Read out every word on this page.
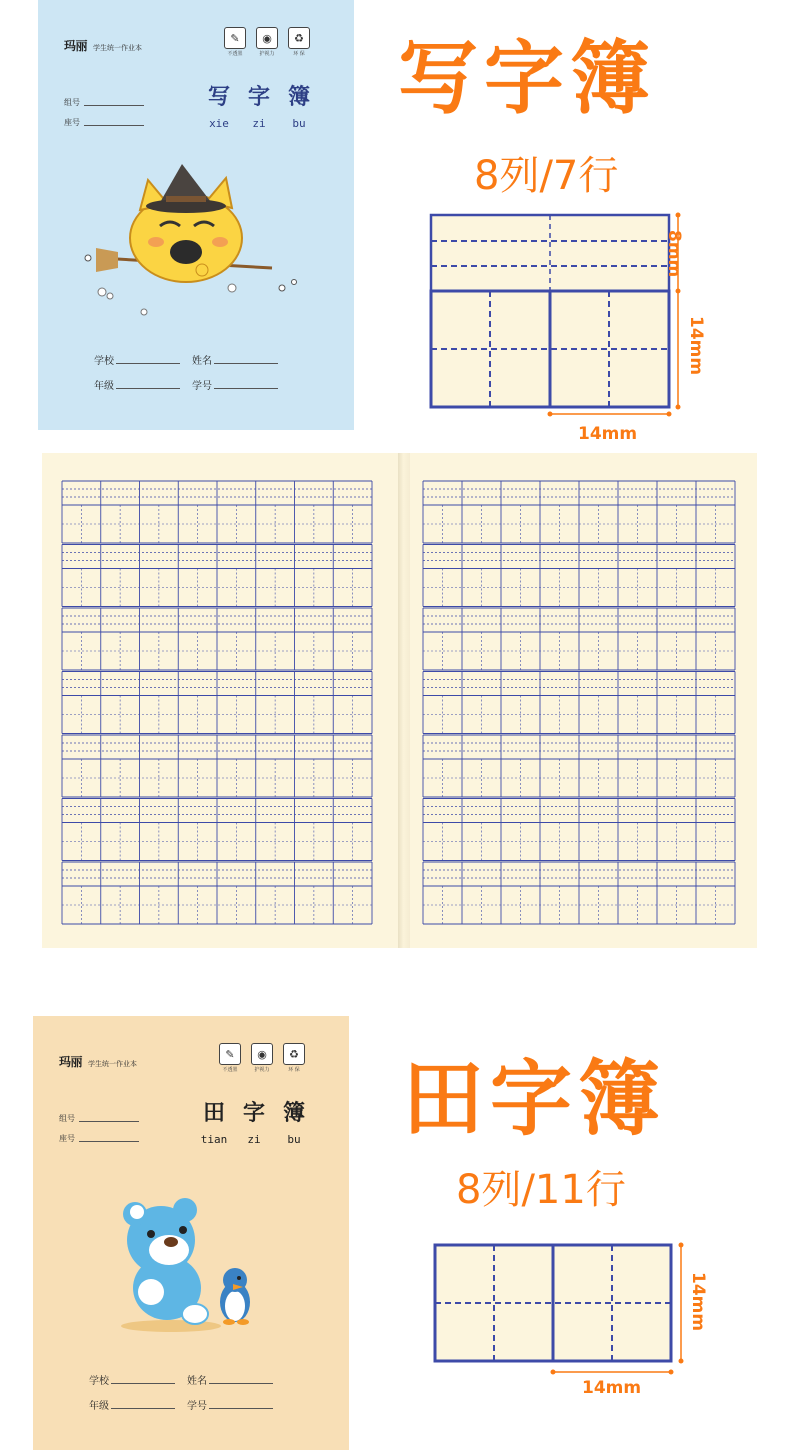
玛丽 学生统一作业本
✎
不透墨
◉
护视力
♻
环 保
组号
座号
写 字 簿
xie	zi	bu
学校	姓名
年级	学号
写字簿
8列/7行
8mm
14mm
14mm
玛丽 学生统一作业本
✎
不透墨
◉
护视力
♻
环 保
组号
座号
田 字 簿
tian	zi	bu
学校	姓名
年级	学号
田字簿
8列/11行
14mm
14mm
